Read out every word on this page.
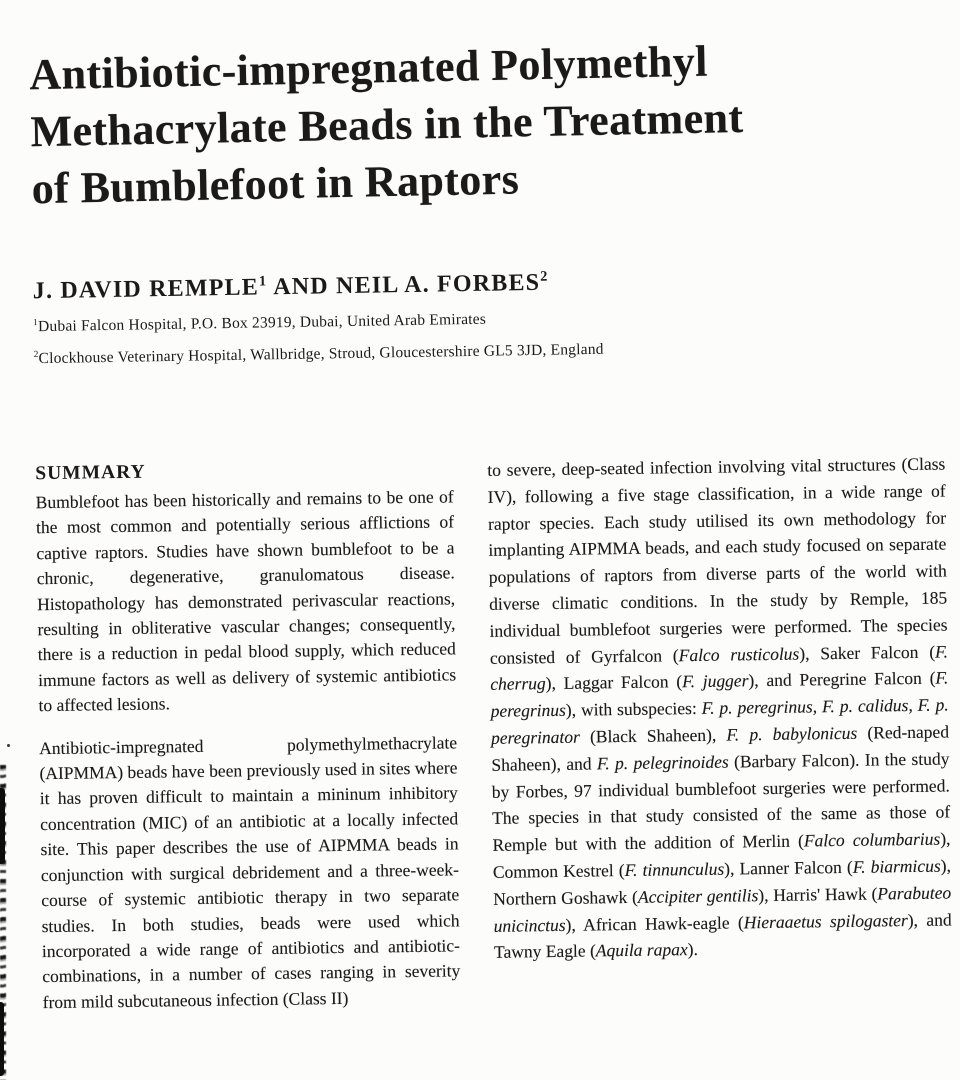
Antibiotic-impregnated Polymethyl
Methacrylate Beads in the Treatment
of Bumblefoot in Raptors
J. DAVID REMPLE$^1$ AND NEIL A. FORBES$^2$
$^1$Dubai Falcon Hospital, P.O. Box 23919, Dubai, United Arab Emirates
$^2$Clockhouse Veterinary Hospital, Wallbridge, Stroud, Gloucestershire GL5 3JD, England
SUMMARY

Bumblefoot has been historically and remains to be one of the most common and potentially serious afflictions of captive raptors. Studies have shown bumblefoot to be a chronic, degenerative, granulomatous disease. Histopathology has demonstrated perivascular reactions, resulting in obliterative vascular changes; consequently, there is a reduction in pedal blood supply, which reduced immune factors as well as delivery of systemic antibiotics to affected lesions.

Antibiotic-impregnated polymethylmethacrylate (AIPMMA) beads have been previously used in sites where it has proven difficult to maintain a mininum inhibitory concentration (MIC) of an antibiotic at a locally infected site. This paper describes the use of AIPMMA beads in conjunction with surgical debridement and a three-week-course of systemic antibiotic therapy in two separate studies. In both studies, beads were used which incorporated a wide range of antibiotics and antibiotic-combinations, in a number of cases ranging in severity from mild subcutaneous infection (Class II)

to severe, deep-seated infection involving vital structures (Class IV), following a five stage classification, in a wide range of raptor species. Each study utilised its own methodology for implanting AIPMMA beads, and each study focused on separate populations of raptors from diverse parts of the world with diverse climatic conditions. In the study by Remple, 185 individual bumblefoot surgeries were performed. The species consisted of Gyrfalcon (Falco rusticolus), Saker Falcon (F. cherrug), Laggar Falcon (F. jugger), and Peregrine Falcon (F. peregrinus), with subspecies: F. p. peregrinus, F. p. calidus, F. p. peregrinator (Black Shaheen), F. p. babylonicus (Red-naped Shaheen), and F. p. pelegrinoides (Barbary Falcon). In the study by Forbes, 97 individual bumblefoot surgeries were performed. The species in that study consisted of the same as those of Remple but with the addition of Merlin (Falco columbarius), Common Kestrel (F. tinnunculus), Lanner Falcon (F. biarmicus), Northern Goshawk (Accipiter gentilis), Harris' Hawk (Parabuteo unicinctus), African Hawk-eagle (Hieraaetus spilogaster), and Tawny Eagle (Aquila rapax).
